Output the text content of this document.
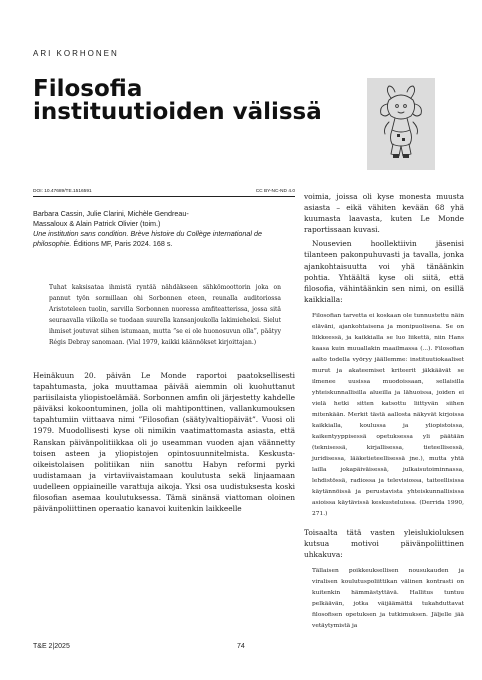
ARI KORHONEN
Filosofia
instituutioiden välissä
DOI: 10.47689/TE.1516591	CC BY-NC-ND 4.0
Barbara Cassin, Julie Clarini, Michèle Gendreau-
Massaloux & Alain Patrick Olivier (toim.)
Une institution sans condition. Brève histoire du Collège international de philosophie. Éditions MF, Paris 2024. 168 s.
Tuhat kaksisataa ihmistä ryntää nähdäkseen sähkömoottorin joka on pannut työn sormillaan ohi Sorbonnen eteen, reunalla auditoriossa Aristoteleen tuolin, sarvilla Sorbonnen nuoressa amfiteatterissa, jossa sitä seuraavalla viikolla se tuodaan suurella kansanjoukolla lakimieheksi. Sielut ihmiset joutuvat siihen istumaan, mutta ”se ei ole huonosuvun olla”, päätyy Régis Debray sanomaan. (Vial 1979, kaikki käännökset kirjoittajan.)
Heinäkuun 20. päivän Le Monde raportoi paatoksellisesti tapahtumasta, joka muuttamaa päivää aiemmin oli kuohuttanut pariisilaista yliopistoelämää. Sorbonnen amfin oli järjestetty kahdelle päiväksi kokoontuminen, jolla oli mahtiponttinen, vallankumouksen tapahtumiin viittaava nimi ”Filosofian (sääty)valtiopäivät”. Vuosi oli 1979. Muodollisesti kyse oli nimikin vaatimattomasta asiasta, että Ranskan päivänpolitiikkaa oli jo useamman vuoden ajan väännetty toisen asteen ja yliopistojen opintosuunnitelmista. Keskusta-oikeistolaisen politiikan niin sanottu Habyn reformi pyrki uudistamaan ja virtaviivaistamaan koulutusta sekä linjaamaan uudelleen oppiaineille varattuja aikoja. Yksi osa uudistuksesta koski filosofian asemaa koulutuksessa. Tämä sinänsä viattoman oloinen päivänpoliittinen operaatio kanavoi kuitenkin laikkeelle

voimia, joissa oli kyse monesta muusta asiasta – eikä vähiten kevään 68 yhä kuumasta laavasta, kuten Le Monde raportissaan kuvasi.

Nousevien hoollektiivin jäsenisi tilanteen pakonpuhuvasti ja tavalla, jonka ajankohtaisuutta voi yhä tänäänkin pohtia. Yhtäältä kyse oli siitä, että filosofia, vähintäänkin sen nimi, on esillä kaikkialla:

Filosofian tarvetta ei koskaan ole tunnustettu näin eläväni, ajankohtaisena ja monipuolisena. Se on liikkeessä, ja kaikkialla se luo liikettä, niin Hans kaasa kuin muuallakin maailmassa (...). Filosofian aalto todella vyöryy jäällemme: instituutiokaaliset murut ja akateemiset kriteerit jäkkäävät se ilmenee uusissa muodoissaan, sellaisilla yhteiskunnallisilla alueilla ja lähuoissa, joiden ei vielä hetki sitten katsottu liittyvän siihen mitenkään. Merkit tästä aallosta näkyvät kirjoissa kaikkialla, koulussa ja yliopistoissa, kaikentyyppisessä opetuksessa yli päätään (teknisessä, kirjallisessa, tieteellisessä, juridisessa, lääketieteellisessä jne.), mutta yhtä lailla jokapäiväisessä, julkaisutoiminnassa, lehdistössä, radiossa ja televisiossa, taiteellisissa käytännöissä ja perustavista yhteiskunnallisissa asioissa käytävissä keskusteluissa. (Derrida 1990, 271.)

Toisaalta tätä vasten yleislukioluksen kutsua motivoi päivänpoliittinen uhkakuva:

Tällaisen poikkeuksellisen nousukauden ja viralisen koulutuspoliittikan välinen kontrasti on kuitenkin hämmästyttävä. Hallitus tuntuu pelkäävän, jotka väijäämättä tukahduttavat filosofisen opetuksen ja tutkimuksen. Jäljelle jää vetäytymistä ja

T&E 2|2025	74
